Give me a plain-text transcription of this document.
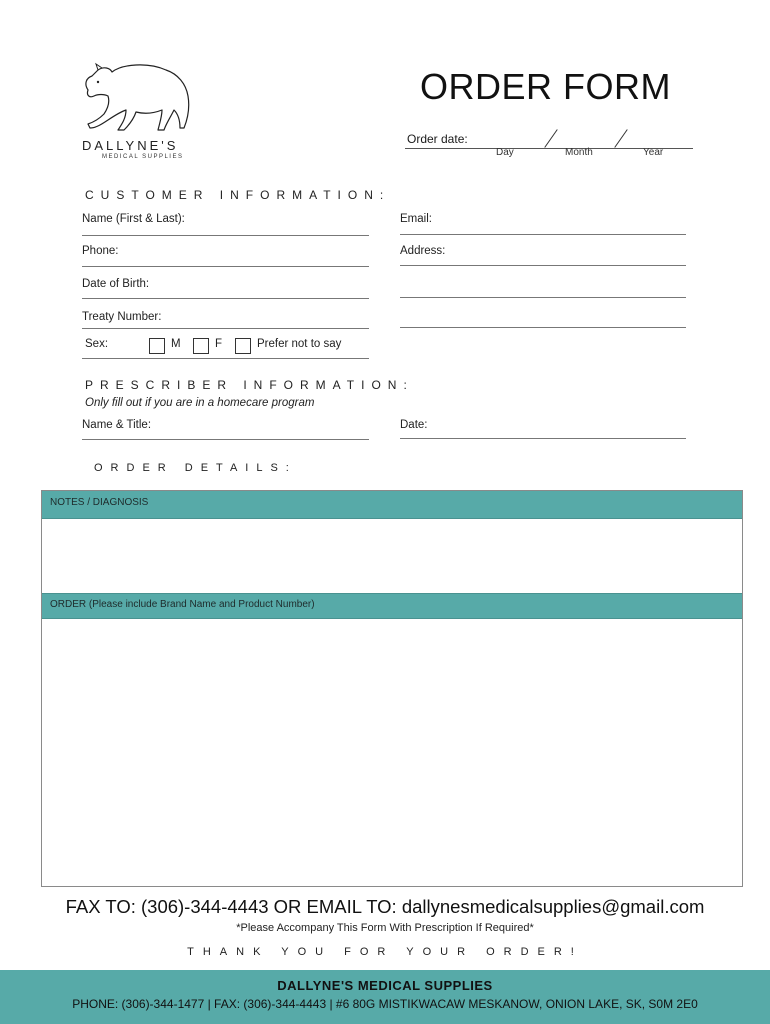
DALLYNE'S
MEDICAL SUPPLIES
ORDER FORM
Order date:
Day	Month	Year
CUSTOMER INFORMATION:
Name (First & Last):	Email:
Phone:	Address:
Date of Birth:
Treaty Number:
Sex:	M	F	Prefer not to say
PRESCRIBER INFORMATION:
Only fill out if you are in a homecare program
Name & Title:	Date:
ORDER DETAILS:
NOTES / DIAGNOSIS
ORDER (Please include Brand Name and Product Number)
FAX TO: (306)-344-4443 OR EMAIL TO: dallynesmedicalsupplies@gmail.com
*Please Accompany This Form With Prescription If Required*
THANK YOU FOR YOUR ORDER!
DALLYNE'S MEDICAL SUPPLIES
PHONE: (306)-344-1477 | FAX: (306)-344-4443 | #6 80G MISTIKWACAW MESKANOW, ONION LAKE, SK, S0M 2E0
